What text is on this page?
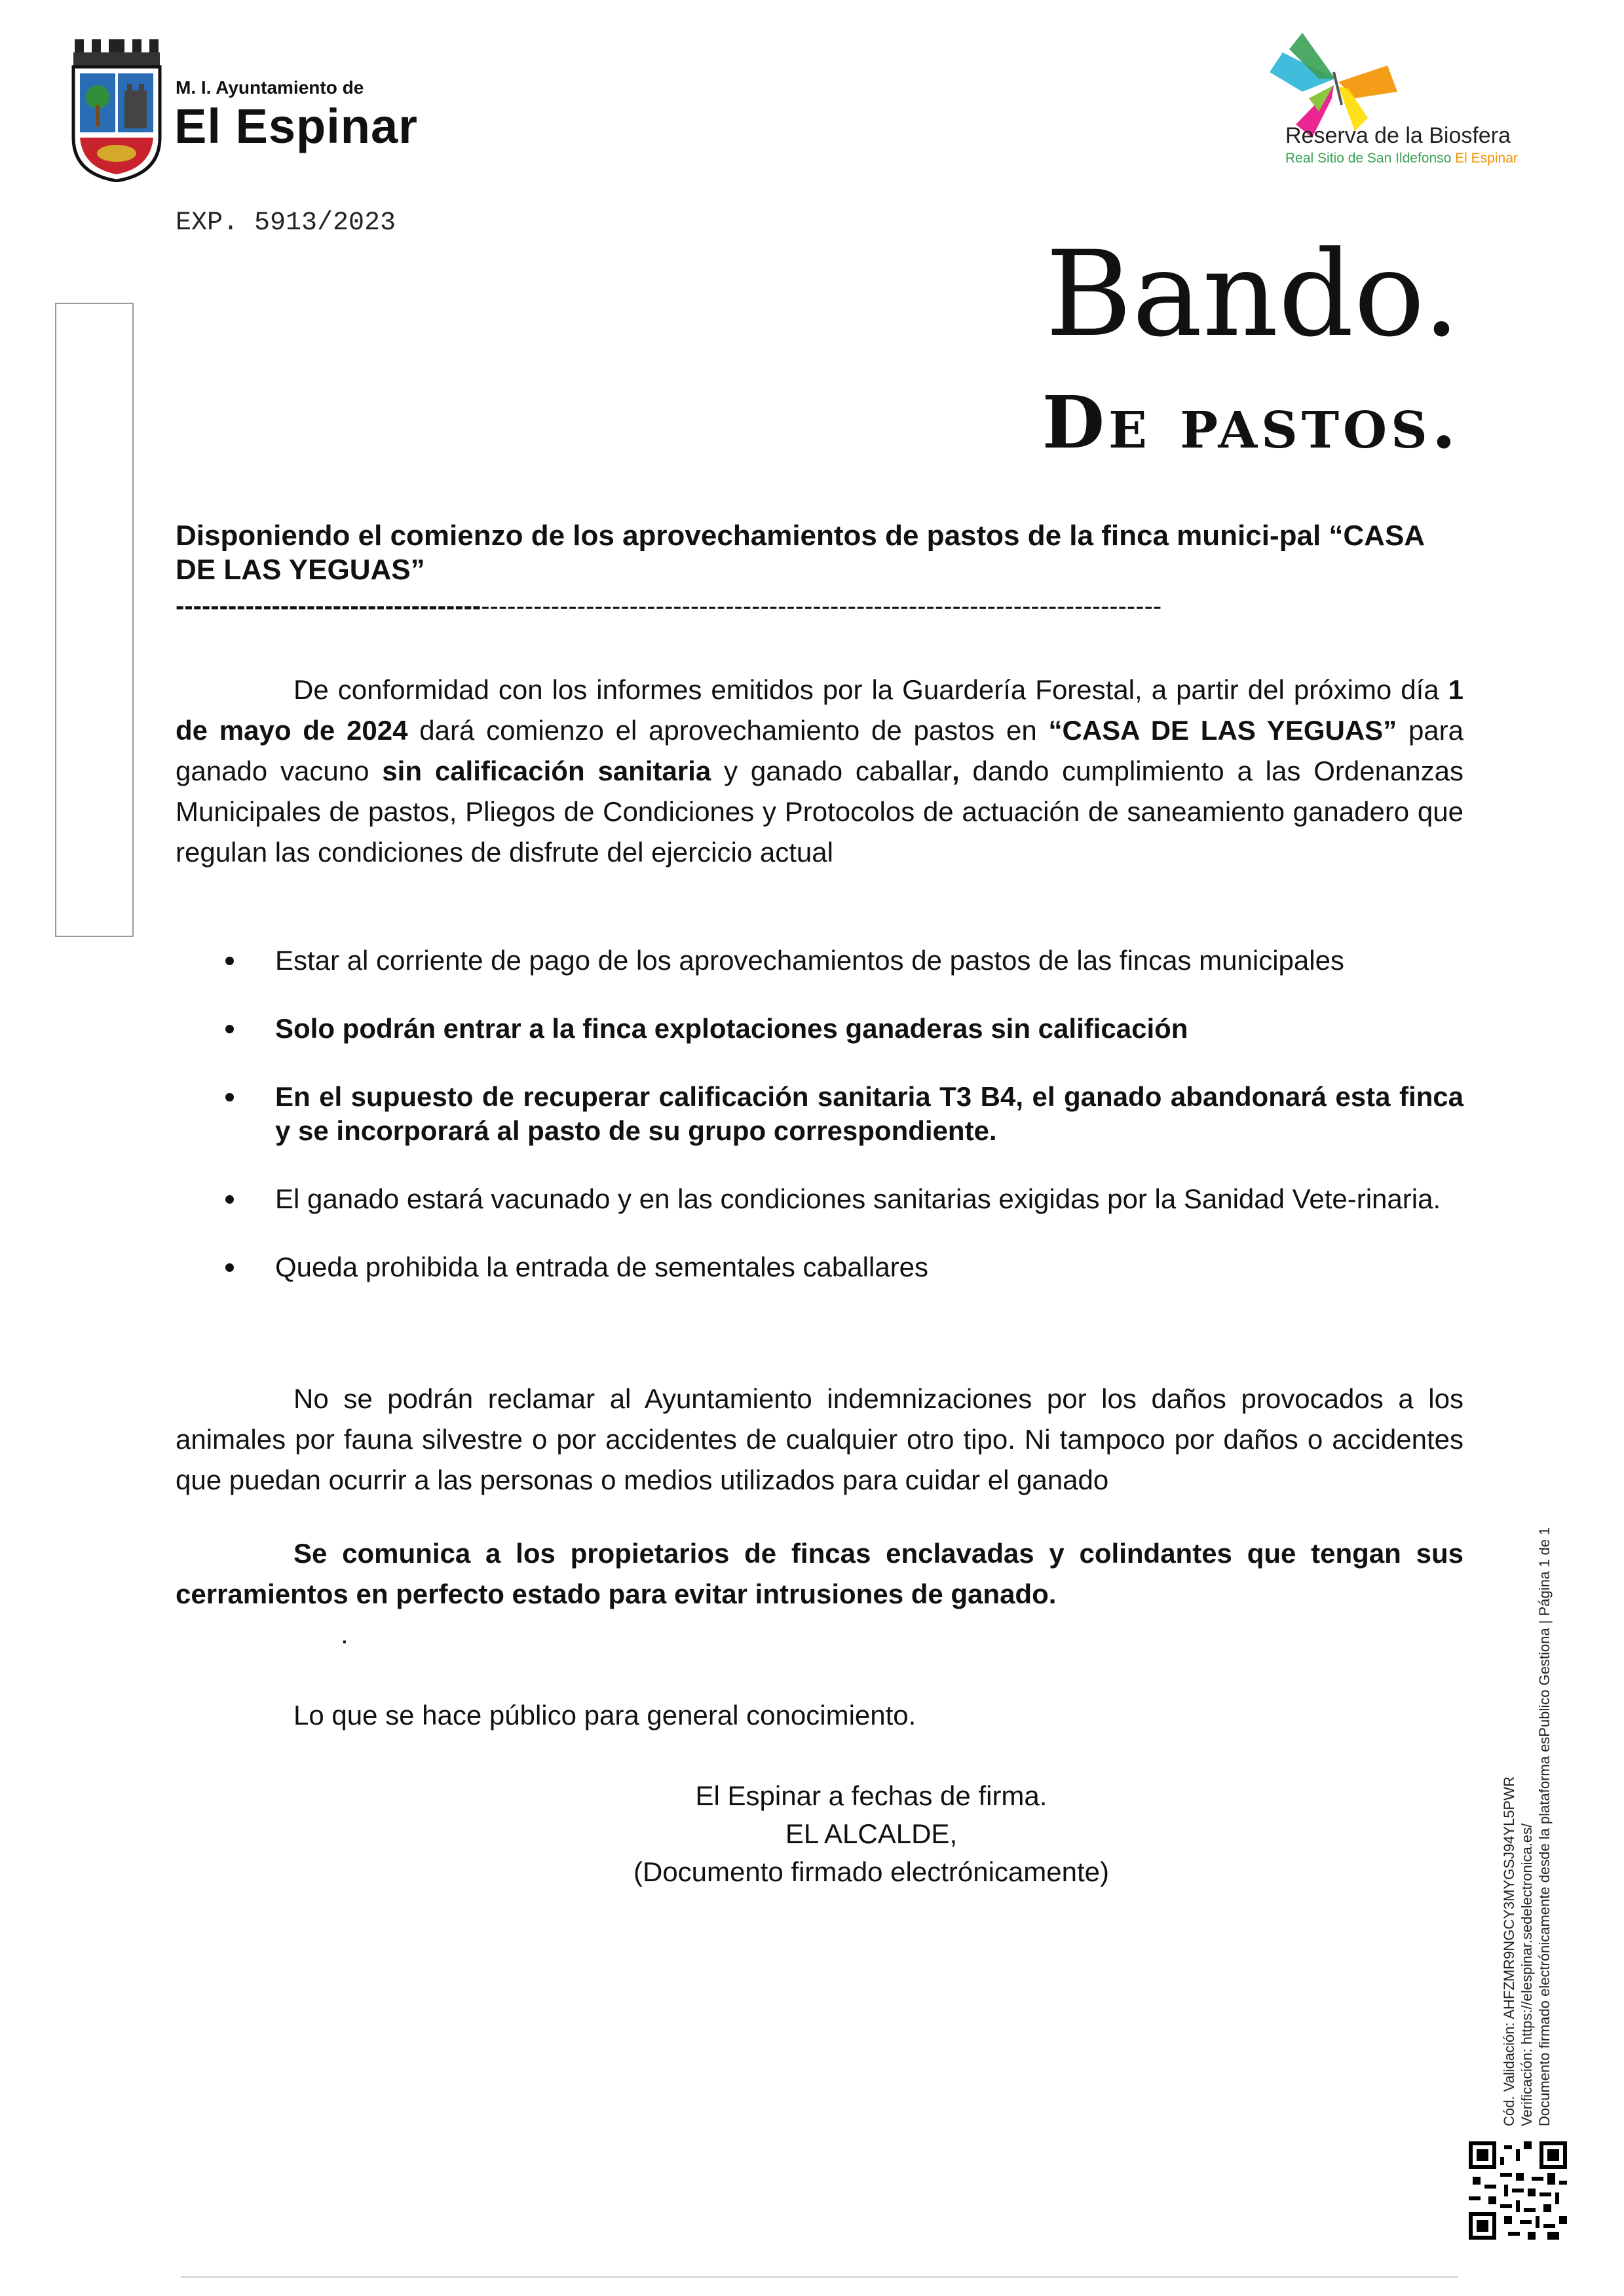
M. I. Ayuntamiento de
El Espinar	Reserva de la Biosfera
Real Sitio de San Ildefonso El Espinar
EXP. 5913/2023
Bando.
De pastos.
Disponiendo el comienzo de los aprovechamientos de pastos de la finca munici-pal “CASA DE LAS YEGUAS”
-----------------------------------------------------------------------------------------------------------------
De conformidad con los informes emitidos por la Guardería Forestal, a partir del próximo día 1 de mayo de 2024 dará comienzo el aprovechamiento de pastos en “CASA DE LAS YEGUAS” para ganado vacuno sin calificación sanitaria y ganado caballar, dando cumplimiento a las Ordenanzas Municipales de pastos, Pliegos de Condiciones y Protocolos de actuación de saneamiento ganadero que regulan las condiciones de disfrute del ejercicio actual
Estar al corriente de pago de los aprovechamientos de pastos de las fincas municipales
Solo podrán entrar a la finca explotaciones ganaderas sin calificación
En el supuesto de recuperar calificación sanitaria T3 B4, el ganado abandonará esta finca y se incorporará al pasto de su grupo correspondiente.
El ganado estará vacunado y en las condiciones sanitarias exigidas por la Sanidad Vete-rinaria.
Queda prohibida la entrada de sementales caballares
No se podrán reclamar al Ayuntamiento indemnizaciones por los daños provocados a los animales por fauna silvestre o por accidentes de cualquier otro tipo. Ni tampoco por daños o accidentes que puedan ocurrir a las personas o medios utilizados para cuidar el ganado
Se comunica a los propietarios de fincas enclavadas y colindantes que tengan sus cerramientos en perfecto estado para evitar intrusiones de ganado.
.
Lo que se hace público para general conocimiento.
El Espinar a fechas de firma.
EL ALCALDE,
(Documento firmado electrónicamente)	Cód. Validación: AHFZMR9NGCY3MYGSJ94YL5PWR Verificación: https://elespinar.sedelectronica.es/ Documento firmado electrónicamente desde la plataforma esPublico Gestiona | Página 1 de 1
